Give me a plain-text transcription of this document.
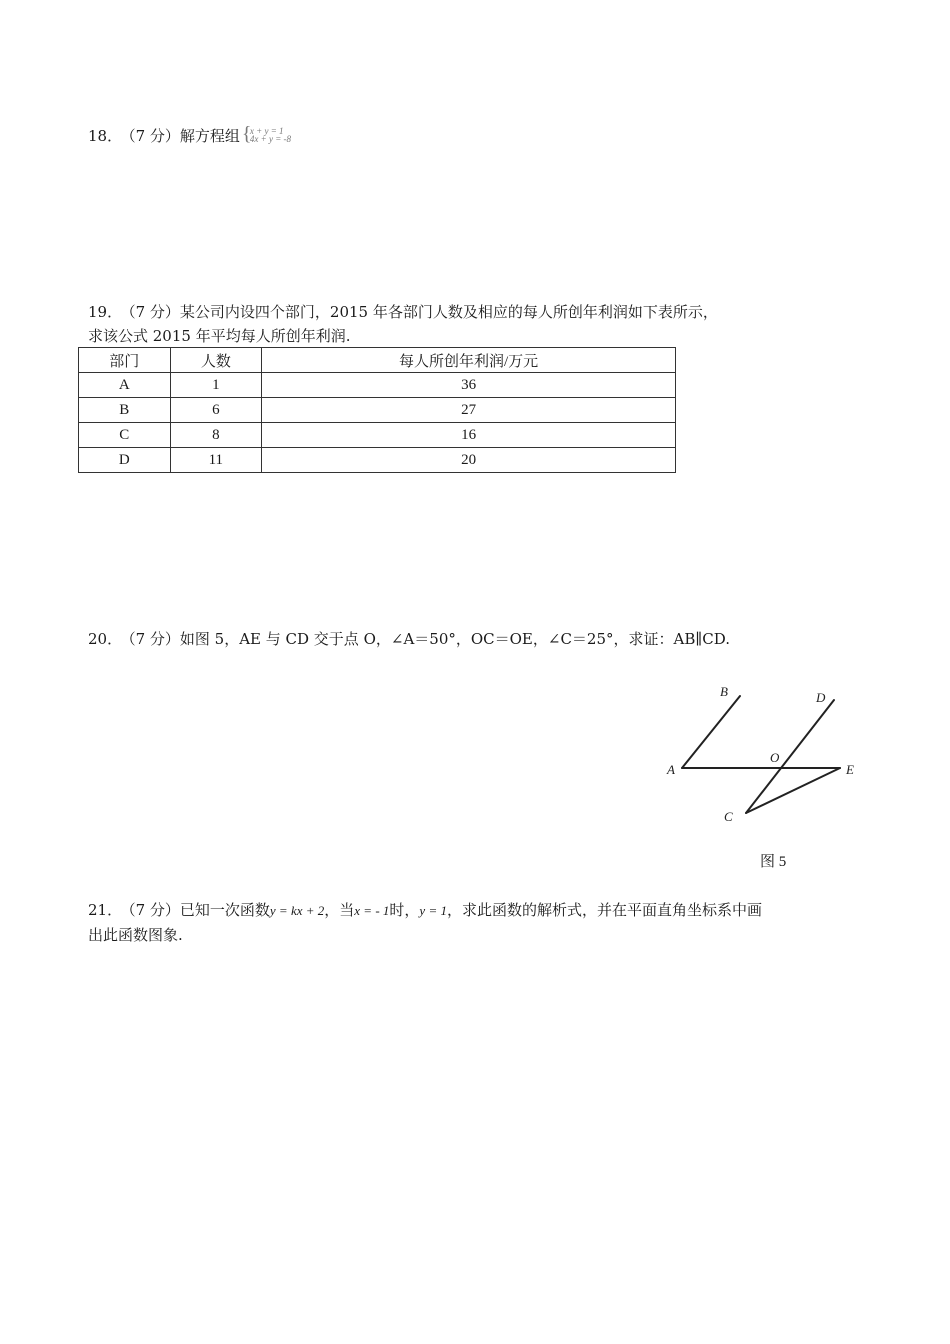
18． （7 分）解方程组 {
x + y = 1
4x + y = -8
19． （7 分）某公司内设四个部门，2015 年各部门人数及相应的每人所创年利润如下表所示，
求该公式 2015 年平均每人所创年利润.
部门	人数	每人所创年利润/万元
A	1	36
B	6	27
C	8	16
D	11	20
20． （7 分）如图 5，AE 与 CD 交于点 O，∠A＝50°，OC＝OE，∠C＝25°，求证：AB∥CD.
B	D
A
O
E
C
图 5
21． （7 分）已知一次函数y = kx + 2，当x = - 1时，y = 1，求此函数的解析式，并在平面直角坐标系中画
出此函数图象.
